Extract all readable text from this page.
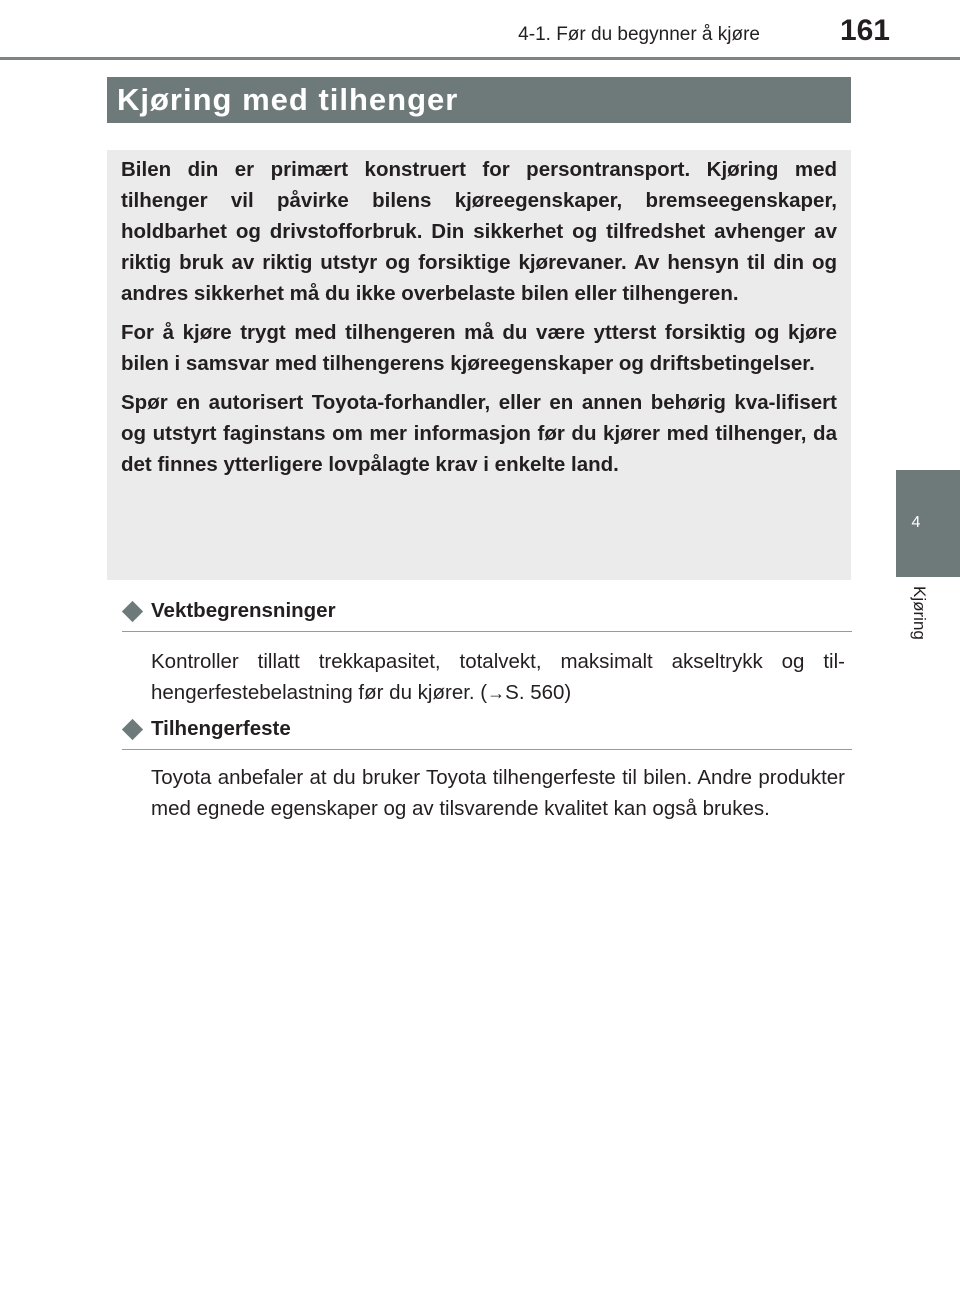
4-1. Før du begynner å kjøre	161
4
Kjøring
Kjøring med tilhenger

Bilen din er primært konstruert for persontransport. Kjøring med tilhenger vil påvirke bilens kjøreegenskaper, bremseegenskaper, holdbarhet og drivstofforbruk. Din sikkerhet og tilfredshet avhenger av riktig bruk av riktig utstyr og forsiktige kjørevaner. Av hensyn til din og andres sikkerhet må du ikke overbelaste bilen eller tilhengeren.

For å kjøre trygt med tilhengeren må du være ytterst forsiktig og kjøre bilen i samsvar med tilhengerens kjøreegenskaper og driftsbetingelser.

Spør en autorisert Toyota-forhandler, eller en annen behørig kva-lifisert og utstyrt faginstans om mer informasjon før du kjører med tilhenger, da det finnes ytterligere lovpålagte krav i enkelte land.

Vektbegrensninger

Kontroller tillatt trekkapasitet, totalvekt, maksimalt akseltrykk og til-hengerfestebelastning før du kjører. (→S. 560)

Tilhengerfeste

Toyota anbefaler at du bruker Toyota tilhengerfeste til bilen. Andre produkter med egnede egenskaper og av tilsvarende kvalitet kan også brukes.
